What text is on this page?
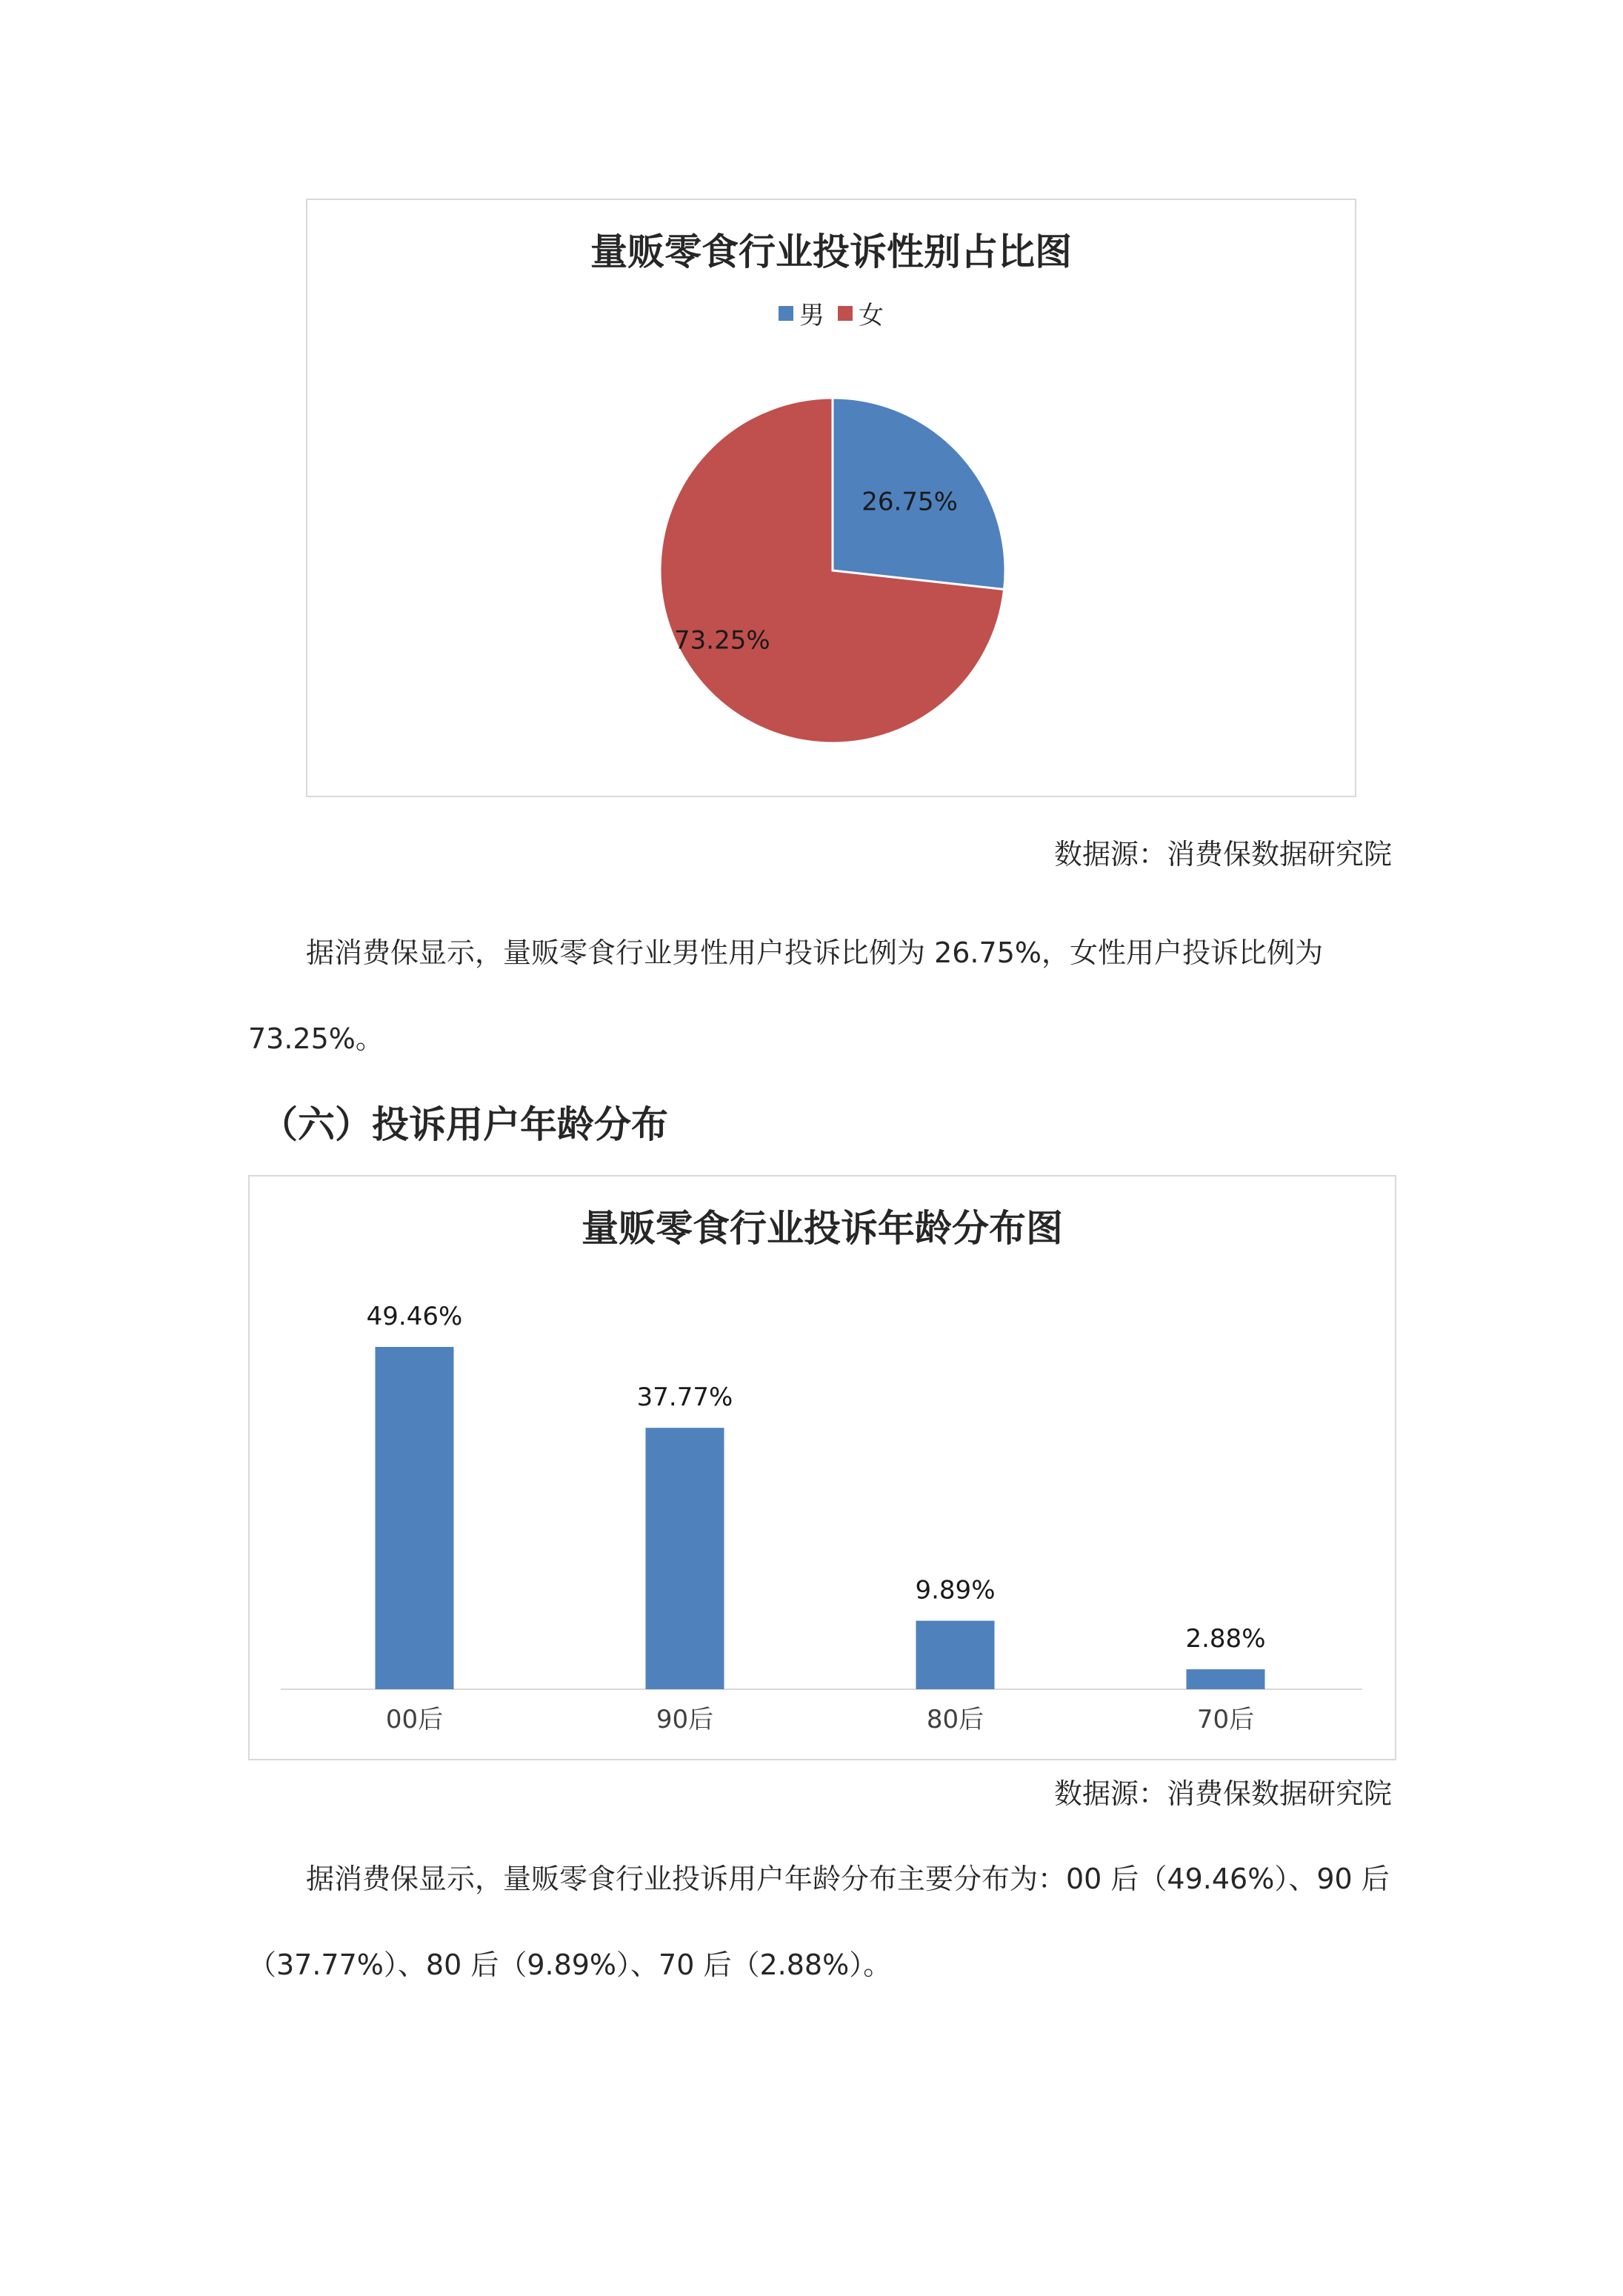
量贩零食行业投诉性别占比图
男 女
26.75%
73.25%
数据源：消费保数据研究院

据消费保显示，量贩零食行业男性用户投诉比例为 26.75%，女性用户投诉比例为 73.25%。

（六）投诉用户年龄分布
量贩零食行业投诉年龄分布图
49.46%
00后
37.77%
90后
9.89%
80后
2.88%
70后
数据源：消费保数据研究院

据消费保显示，量贩零食行业投诉用户年龄分布主要分布为：00 后（49.46%）、90 后（37.77%）、80 后（9.89%）、70 后（2.88%）。
